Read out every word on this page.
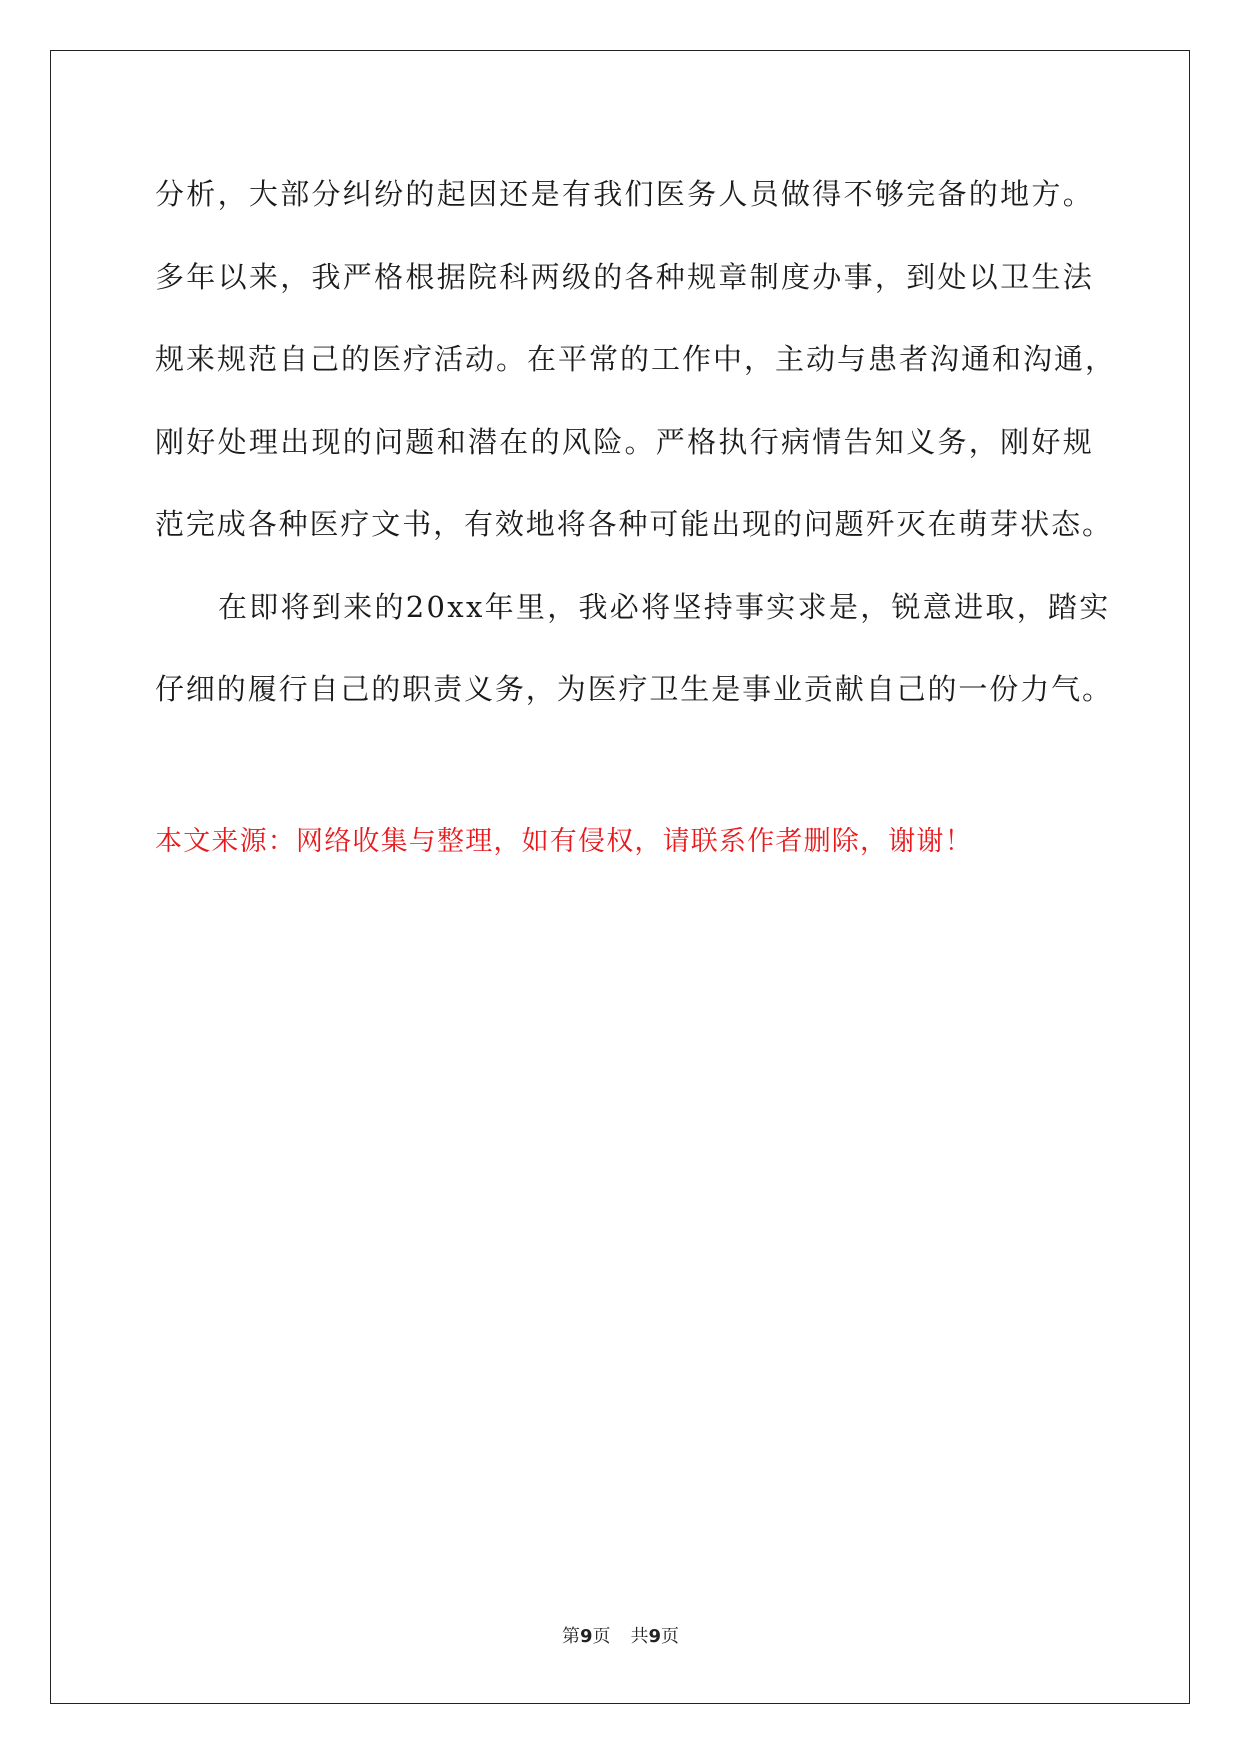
分析，大部分纠纷的起因还是有我们医务人员做得不够完备的地方。
多年以来，我严格根据院科两级的各种规章制度办事，到处以卫生法
规来规范自己的医疗活动。在平常的工作中，主动与患者沟通和沟通，
刚好处理出现的问题和潜在的风险。严格执行病情告知义务，刚好规
范完成各种医疗文书，有效地将各种可能出现的问题歼灭在萌芽状态。
在即将到来的20xx年里，我必将坚持事实求是，锐意进取，踏实
仔细的履行自己的职责义务，为医疗卫生是事业贡献自己的一份力气。
本文来源：网络收集与整理，如有侵权，请联系作者删除，谢谢！
第9页 共9页
